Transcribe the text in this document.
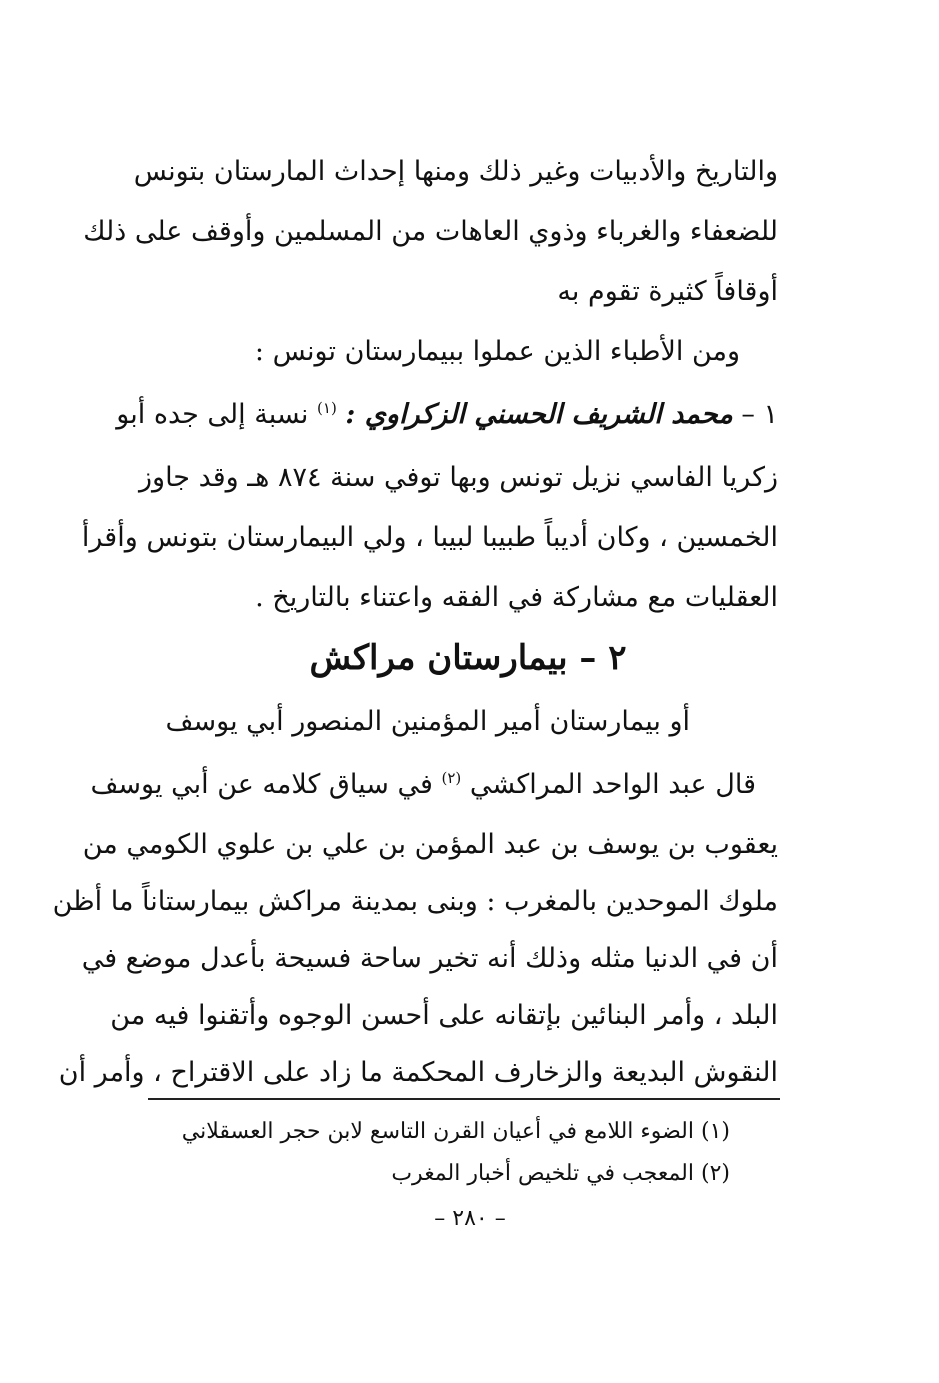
والتاريخ والأدبيات وغير ذلك ومنها إحداث المارستان بتونس
للضعفاء والغرباء وذوي العاهات من المسلمين وأوقف على ذلك
أوقافاً كثيرة تقوم به
ومن الأطباء الذين عملوا ببيمارستان تونس :
١ – محمد الشريف الحسني الزكراوي : $^{(١)}$ نسبة إلى جده أبو
زكريا الفاسي نزيل تونس وبها توفي سنة ٨٧٤ هـ وقد جاوز
الخمسين ، وكان أديباً طبيبا لبيبا ، ولي البيمارستان بتونس وأقرأ
العقليات مع مشاركة في الفقه واعتناء بالتاريخ .
٢ – بيمارستان مراكش
أو بيمارستان أمير المؤمنين المنصور أبي يوسف
قال عبد الواحد المراكشي $^{(٢)}$ في سياق كلامه عن أبي يوسف
يعقوب بن يوسف بن عبد المؤمن بن علي بن علوي الكومي من
ملوك الموحدين بالمغرب : وبنى بمدينة مراكش بيمارستاناً ما أظن
أن في الدنيا مثله وذلك أنه تخير ساحة فسيحة بأعدل موضع في
البلد ، وأمر البنائين بإتقانه على أحسن الوجوه وأتقنوا فيه من
النقوش البديعة والزخارف المحكمة ما زاد على الاقتراح ، وأمر أن
(١) الضوء اللامع في أعيان القرن التاسع لابن حجر العسقلاني
(٢) المعجب في تلخيص أخبار المغرب
– ٢٨٠ –
